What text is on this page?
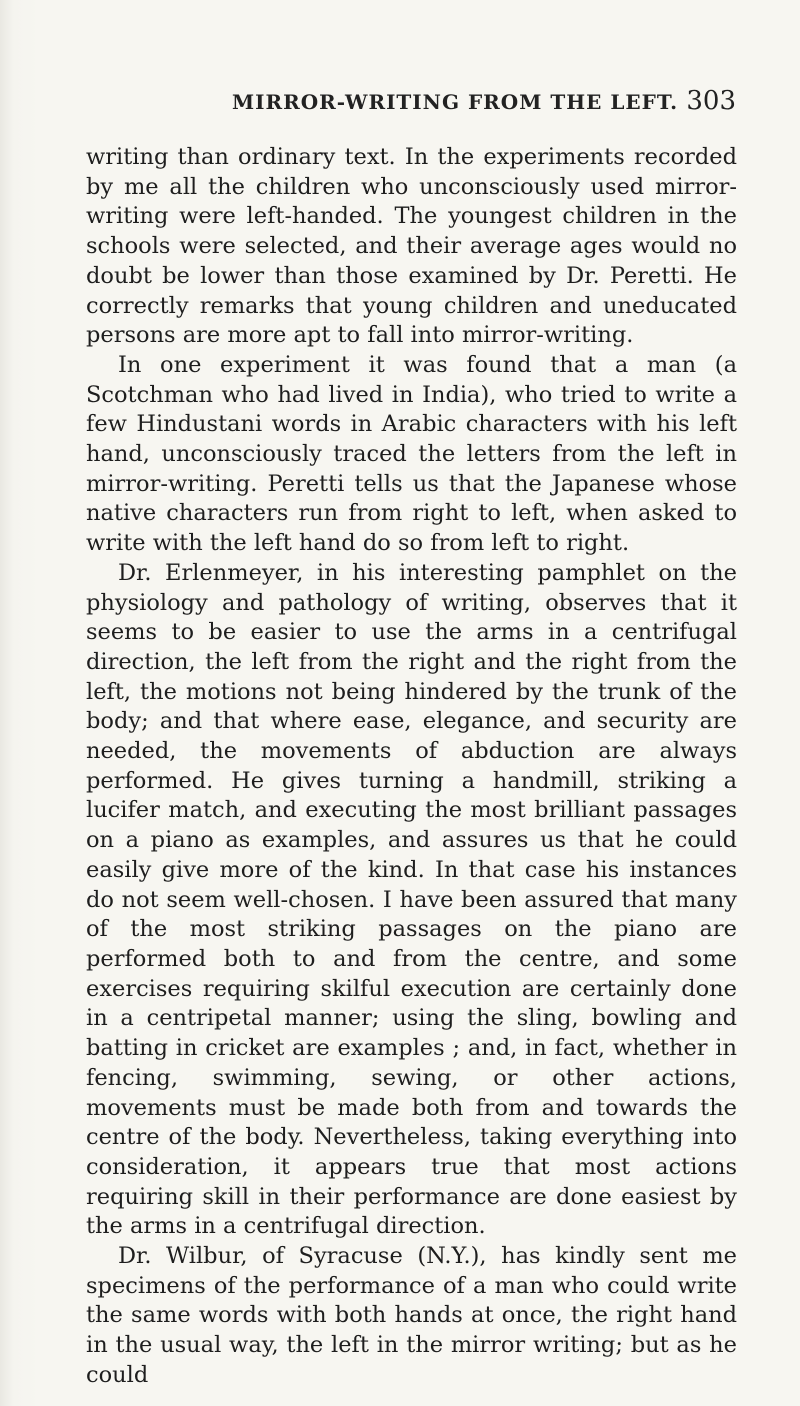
MIRROR-WRITING FROM THE LEFT. 303

writing than ordinary text. In the experiments recorded by me all the children who unconsciously used mirror-writing were left-handed. The youngest children in the schools were selected, and their average ages would no doubt be lower than those examined by Dr. Peretti. He correctly remarks that young children and uneducated persons are more apt to fall into mirror-writing.

In one experiment it was found that a man (a Scotchman who had lived in India), who tried to write a few Hindustani words in Arabic characters with his left hand, unconsciously traced the letters from the left in mirror-writing. Peretti tells us that the Japanese whose native characters run from right to left, when asked to write with the left hand do so from left to right.

Dr. Erlenmeyer, in his interesting pamphlet on the physiology and pathology of writing, observes that it seems to be easier to use the arms in a centrifugal direction, the left from the right and the right from the left, the motions not being hindered by the trunk of the body; and that where ease, elegance, and security are needed, the movements of abduction are always performed. He gives turning a handmill, striking a lucifer match, and executing the most brilliant passages on a piano as examples, and assures us that he could easily give more of the kind. In that case his instances do not seem well-chosen. I have been assured that many of the most striking passages on the piano are performed both to and from the centre, and some exercises requiring skilful execution are certainly done in a centripetal manner; using the sling, bowling and batting in cricket are examples ; and, in fact, whether in fencing, swimming, sewing, or other actions, movements must be made both from and towards the centre of the body. Nevertheless, taking everything into consideration, it appears true that most actions requiring skill in their performance are done easiest by the arms in a centrifugal direction.

Dr. Wilbur, of Syracuse (N.Y.), has kindly sent me specimens of the performance of a man who could write the same words with both hands at once, the right hand in the usual way, the left in the mirror writing; but as he could
